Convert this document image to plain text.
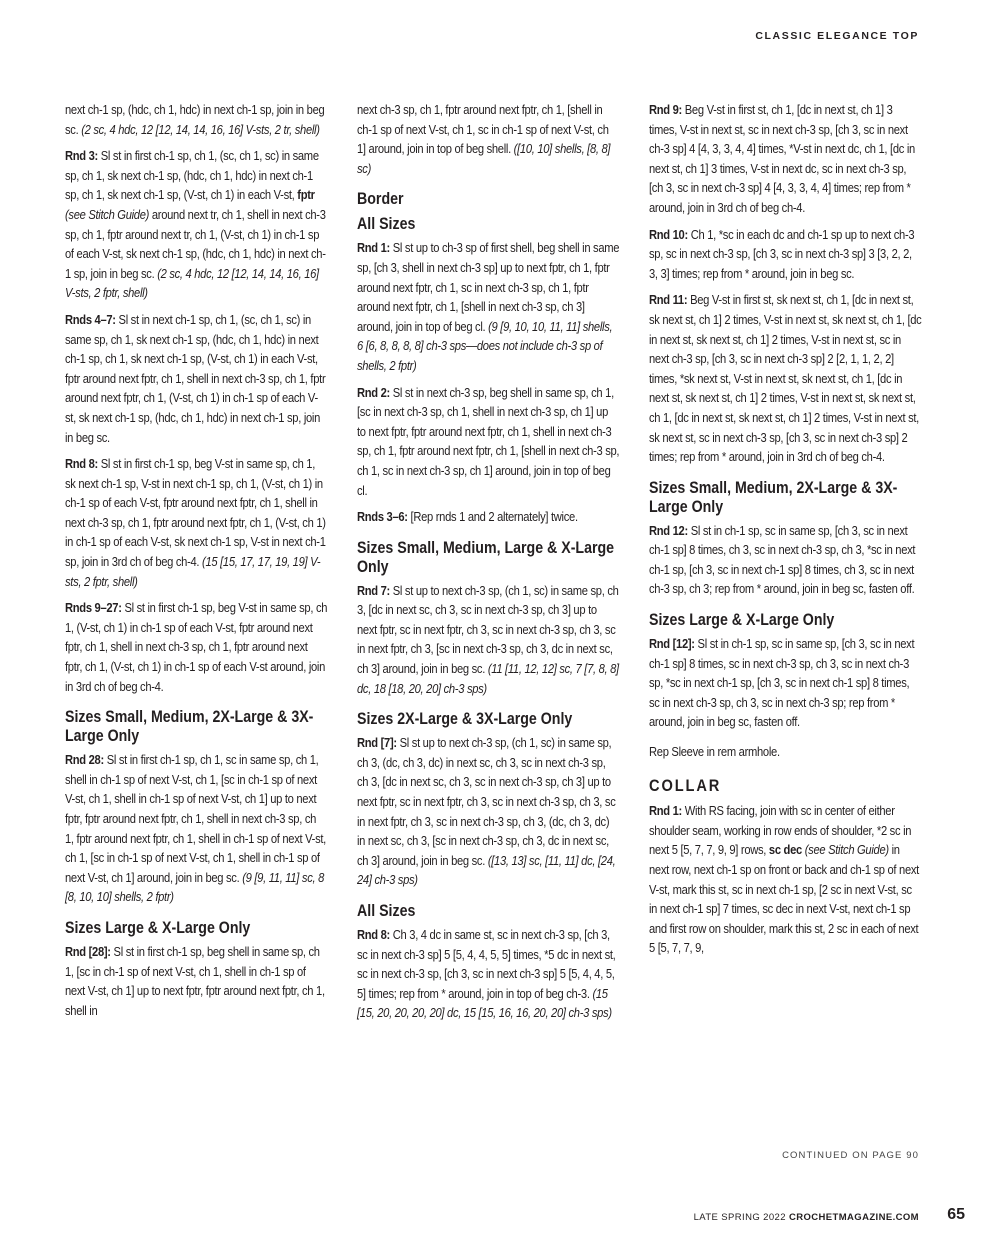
CLASSIC ELEGANCE TOP

next ch-1 sp, (hdc, ch 1, hdc) in next ch-1 sp, join in beg sc. (2 sc, 4 hdc, 12 [12, 14, 14, 16, 16] V-sts, 2 tr, shell)

Rnd 3: Sl st in first ch-1 sp, ch 1, (sc, ch 1, sc) in same sp, ch 1, sk next ch-1 sp, (hdc, ch 1, hdc) in next ch-1 sp, ch 1, sk next ch-1 sp, (V-st, ch 1) in each V-st, fptr (see Stitch Guide) around next tr, ch 1, shell in next ch-3 sp, ch 1, fptr around next tr, ch 1, (V-st, ch 1) in ch-1 sp of each V-st, sk next ch-1 sp, (hdc, ch 1, hdc) in next ch-1 sp, join in beg sc. (2 sc, 4 hdc, 12 [12, 14, 14, 16, 16] V-sts, 2 fptr, shell)

Rnds 4–7: Sl st in next ch-1 sp, ch 1, (sc, ch 1, sc) in same sp, ch 1, sk next ch-1 sp, (hdc, ch 1, hdc) in next ch-1 sp, ch 1, sk next ch-1 sp, (V-st, ch 1) in each V-st, fptr around next fptr, ch 1, shell in next ch-3 sp, ch 1, fptr around next fptr, ch 1, (V-st, ch 1) in ch-1 sp of each V-st, sk next ch-1 sp, (hdc, ch 1, hdc) in next ch-1 sp, join in beg sc.

Rnd 8: Sl st in first ch-1 sp, beg V-st in same sp, ch 1, sk next ch-1 sp, V-st in next ch-1 sp, ch 1, (V-st, ch 1) in ch-1 sp of each V-st, fptr around next fptr, ch 1, shell in next ch-3 sp, ch 1, fptr around next fptr, ch 1, (V-st, ch 1) in ch-1 sp of each V-st, sk next ch-1 sp, V-st in next ch-1 sp, join in 3rd ch of beg ch-4. (15 [15, 17, 17, 19, 19] V-sts, 2 fptr, shell)

Rnds 9–27: Sl st in first ch-1 sp, beg V-st in same sp, ch 1, (V-st, ch 1) in ch-1 sp of each V-st, fptr around next fptr, ch 1, shell in next ch-3 sp, ch 1, fptr around next fptr, ch 1, (V-st, ch 1) in ch-1 sp of each V-st around, join in 3rd ch of beg ch-4.

Sizes Small, Medium, 2X-Large & 3X-Large Only

Rnd 28: Sl st in first ch-1 sp, ch 1, sc in same sp, ch 1, shell in ch-1 sp of next V-st, ch 1, [sc in ch-1 sp of next V-st, ch 1, shell in ch-1 sp of next V-st, ch 1] up to next fptr, fptr around next fptr, ch 1, shell in next ch-3 sp, ch 1, fptr around next fptr, ch 1, shell in ch-1 sp of next V-st, ch 1, [sc in ch-1 sp of next V-st, ch 1, shell in ch-1 sp of next V-st, ch 1] around, join in beg sc. (9 [9, 11, 11] sc, 8 [8, 10, 10] shells, 2 fptr)

Sizes Large & X-Large Only

Rnd [28]: Sl st in first ch-1 sp, beg shell in same sp, ch 1, [sc in ch-1 sp of next V-st, ch 1, shell in ch-1 sp of next V-st, ch 1] up to next fptr, fptr around next fptr, ch 1, shell in

next ch-3 sp, ch 1, fptr around next fptr, ch 1, [shell in ch-1 sp of next V-st, ch 1, sc in ch-1 sp of next V-st, ch 1] around, join in top of beg shell. ([10, 10] shells, [8, 8] sc)

Border
All Sizes

Rnd 1: Sl st up to ch-3 sp of first shell, beg shell in same sp, [ch 3, shell in next ch-3 sp] up to next fptr, ch 1, fptr around next fptr, ch 1, sc in next ch-3 sp, ch 1, fptr around next fptr, ch 1, [shell in next ch-3 sp, ch 3] around, join in top of beg cl. (9 [9, 10, 10, 11, 11] shells, 6 [6, 8, 8, 8, 8] ch-3 sps—does not include ch-3 sp of shells, 2 fptr)

Rnd 2: Sl st in next ch-3 sp, beg shell in same sp, ch 1, [sc in next ch-3 sp, ch 1, shell in next ch-3 sp, ch 1] up to next fptr, fptr around next fptr, ch 1, shell in next ch-3 sp, ch 1, fptr around next fptr, ch 1, [shell in next ch-3 sp, ch 1, sc in next ch-3 sp, ch 1] around, join in top of beg cl.

Rnds 3–6: [Rep rnds 1 and 2 alternately] twice.

Sizes Small, Medium, Large & X-Large Only

Rnd 7: Sl st up to next ch-3 sp, (ch 1, sc) in same sp, ch 3, [dc in next sc, ch 3, sc in next ch-3 sp, ch 3] up to next fptr, sc in next fptr, ch 3, sc in next ch-3 sp, ch 3, sc in next fptr, ch 3, [sc in next ch-3 sp, ch 3, dc in next sc, ch 3] around, join in beg sc. (11 [11, 12, 12] sc, 7 [7, 8, 8] dc, 18 [18, 20, 20] ch-3 sps)

Sizes 2X-Large & 3X-Large Only

Rnd [7]: Sl st up to next ch-3 sp, (ch 1, sc) in same sp, ch 3, (dc, ch 3, dc) in next sc, ch 3, sc in next ch-3 sp, ch 3, [dc in next sc, ch 3, sc in next ch-3 sp, ch 3] up to next fptr, sc in next fptr, ch 3, sc in next ch-3 sp, ch 3, sc in next fptr, ch 3, sc in next ch-3 sp, ch 3, (dc, ch 3, dc) in next sc, ch 3, [sc in next ch-3 sp, ch 3, dc in next sc, ch 3] around, join in beg sc. ([13, 13] sc, [11, 11] dc, [24, 24] ch-3 sps)

All Sizes

Rnd 8: Ch 3, 4 dc in same st, sc in next ch-3 sp, [ch 3, sc in next ch-3 sp] 5 [5, 4, 4, 5, 5] times, *5 dc in next st, sc in next ch-3 sp, [ch 3, sc in next ch-3 sp] 5 [5, 4, 4, 5, 5] times; rep from * around, join in top of beg ch-3. (15 [15, 20, 20, 20, 20] dc, 15 [15, 16, 16, 20, 20] ch-3 sps)

Rnd 9: Beg V-st in first st, ch 1, [dc in next st, ch 1] 3 times, V-st in next st, sc in next ch-3 sp, [ch 3, sc in next ch-3 sp] 4 [4, 3, 3, 4, 4] times, *V-st in next dc, ch 1, [dc in next st, ch 1] 3 times, V-st in next dc, sc in next ch-3 sp, [ch 3, sc in next ch-3 sp] 4 [4, 3, 3, 4, 4] times; rep from * around, join in 3rd ch of beg ch-4.

Rnd 10: Ch 1, *sc in each dc and ch-1 sp up to next ch-3 sp, sc in next ch-3 sp, [ch 3, sc in next ch-3 sp] 3 [3, 2, 2, 3, 3] times; rep from * around, join in beg sc.

Rnd 11: Beg V-st in first st, sk next st, ch 1, [dc in next st, sk next st, ch 1] 2 times, V-st in next st, sk next st, ch 1, [dc in next st, sk next st, ch 1] 2 times, V-st in next st, sc in next ch-3 sp, [ch 3, sc in next ch-3 sp] 2 [2, 1, 1, 2, 2] times, *sk next st, V-st in next st, sk next st, ch 1, [dc in next st, sk next st, ch 1] 2 times, V-st in next st, sk next st, ch 1, [dc in next st, sk next st, ch 1] 2 times, V-st in next st, sk next st, sc in next ch-3 sp, [ch 3, sc in next ch-3 sp] 2 times; rep from * around, join in 3rd ch of beg ch-4.

Sizes Small, Medium, 2X-Large & 3X-Large Only

Rnd 12: Sl st in ch-1 sp, sc in same sp, [ch 3, sc in next ch-1 sp] 8 times, ch 3, sc in next ch-3 sp, ch 3, *sc in next ch-1 sp, [ch 3, sc in next ch-1 sp] 8 times, ch 3, sc in next ch-3 sp, ch 3; rep from * around, join in beg sc, fasten off.

Sizes Large & X-Large Only

Rnd [12]: Sl st in ch-1 sp, sc in same sp, [ch 3, sc in next ch-1 sp] 8 times, sc in next ch-3 sp, ch 3, sc in next ch-3 sp, *sc in next ch-1 sp, [ch 3, sc in next ch-1 sp] 8 times, sc in next ch-3 sp, ch 3, sc in next ch-3 sp; rep from * around, join in beg sc, fasten off.

Rep Sleeve in rem armhole.

COLLAR

Rnd 1: With RS facing, join with sc in center of either shoulder seam, working in row ends of shoulder, *2 sc in next 5 [5, 7, 7, 9, 9] rows, sc dec (see Stitch Guide) in next row, next ch-1 sp on front or back and ch-1 sp of next V-st, mark this st, sc in next ch-1 sp, [2 sc in next V-st, sc in next ch-1 sp] 7 times, sc dec in next V-st, next ch-1 sp and first row on shoulder, mark this st, 2 sc in each of next 5 [5, 7, 7, 9,

CONTINUED ON PAGE 90
LATE SPRING 2022 CROCHETMAGAZINE.COM 65
